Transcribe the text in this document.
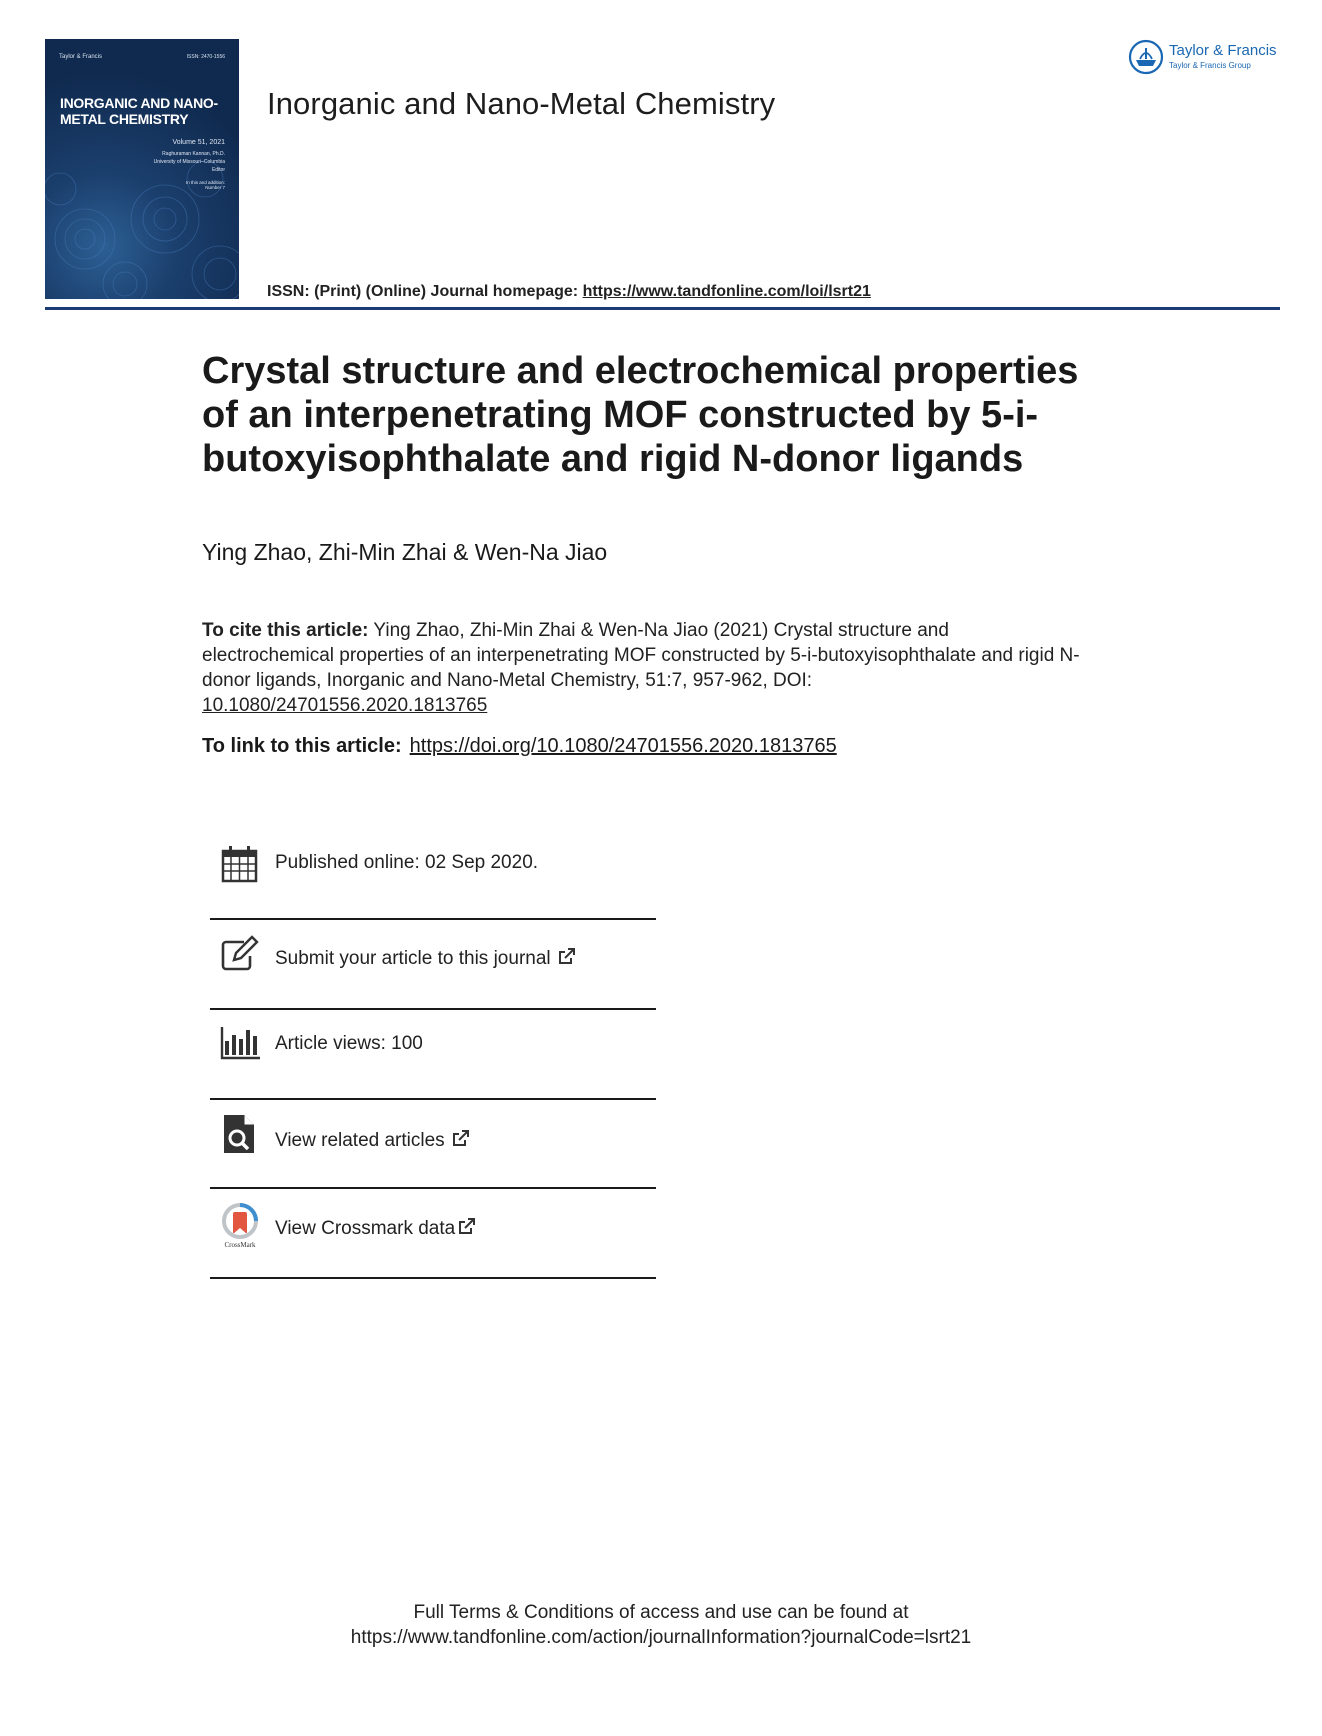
Taylor & Francis	ISSN: 2470-1556
INORGANIC AND NANO-METAL CHEMISTRY
Volume 51, 2021
Raghuraman Kannan, Ph.D.
University of Missouri–Columbia
Editor
In this and addition:
Number 7
Inorganic and Nano-Metal Chemistry
ISSN: (Print) (Online) Journal homepage: https://www.tandfonline.com/loi/lsrt21
Taylor & Francis
Taylor & Francis Group
Crystal structure and electrochemical properties of an interpenetrating MOF constructed by 5-i-butoxyisophthalate and rigid N-donor ligands
Ying Zhao, Zhi-Min Zhai & Wen-Na Jiao
To cite this article: Ying Zhao, Zhi-Min Zhai & Wen-Na Jiao (2021) Crystal structure and electrochemical properties of an interpenetrating MOF constructed by 5-i-butoxyisophthalate and rigid N-donor ligands, Inorganic and Nano-Metal Chemistry, 51:7, 957-962, DOI:
10.1080/24701556.2020.1813765
To link to this article: https://doi.org/10.1080/24701556.2020.1813765
Published online: 02 Sep 2020.
Submit your article to this journal
Article views: 100
View related articles
CrossMark
View Crossmark data
Full Terms & Conditions of access and use can be found at
https://www.tandfonline.com/action/journalInformation?journalCode=lsrt21
